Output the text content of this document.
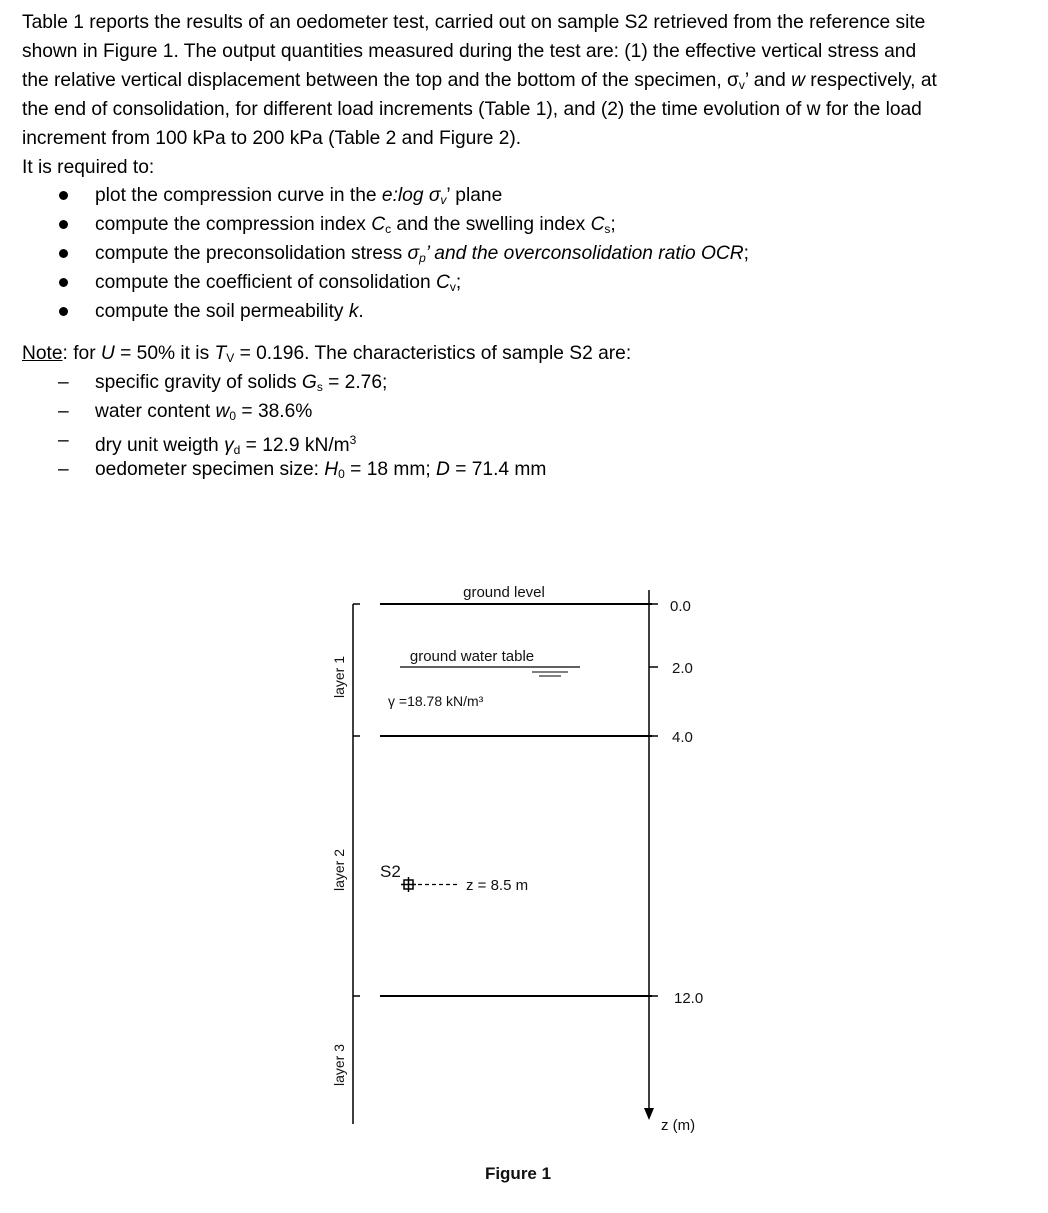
Table 1 reports the results of an oedometer test, carried out on sample S2 retrieved from the reference site
shown in Figure 1. The output quantities measured during the test are: (1) the effective vertical stress and
the relative vertical displacement between the top and the bottom of the specimen, $\sigma_v$’ and w respectively, at
the end of consolidation, for different load increments (Table 1), and (2) the time evolution of w for the load
increment from 100 kPa to 200 kPa (Table 2 and Figure 2).
It is required to:
plot the compression curve in the e:log $\sigma_v$’ plane
compute the compression index $C_c$ and the swelling index $C_s$;
compute the preconsolidation stress $\sigma_p$’ and the overconsolidation ratio OCR;
compute the coefficient of consolidation $C_v$;
compute the soil permeability k.

Note: for U = 50% it is $T_V = 0.196$. The characteristics of sample S2 are:

– specific gravity of solids $G_s = 2.76$;
– water content $w_0 = 38.6\%$
– dry unit weigth $\gamma_d = 12.9$ $kN/m^3$
– oedometer specimen size: $H_0 = 18$ mm; D = 71.4 mm
layer 1
layer 2
layer 3
ground level
ground water table
γ =18.78 kN/m³
S2
z = 8.5 m
0.0
2.0
4.0
12.0
z (m)
Figure 1
